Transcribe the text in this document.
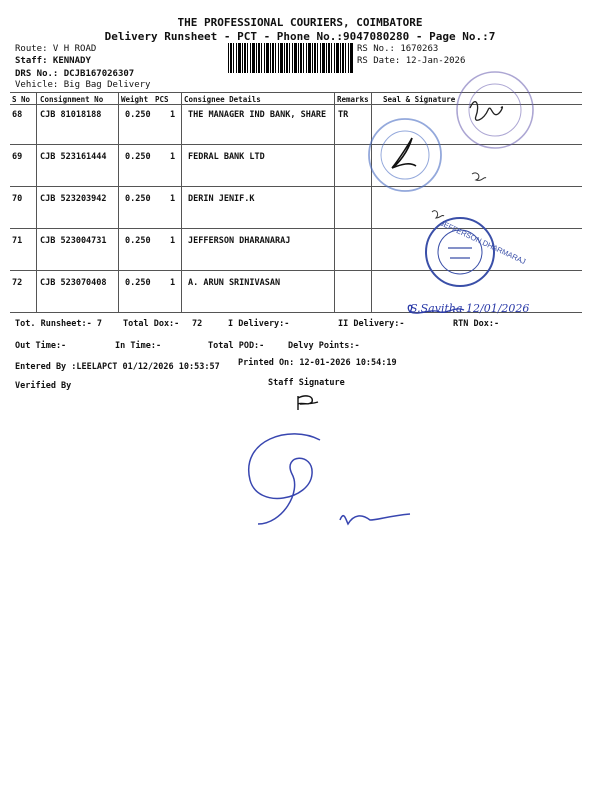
THE PROFESSIONAL COURIERS, COIMBATORE
Delivery Runsheet - PCT - Phone No.:9047080280 - Page No.:7
Route: V H ROAD
Staff: KENNADY
DRS No.: DCJB167026307
Vehicle: Big Bag Delivery
RS No.: 1670263
RS Date: 12-Jan-2026
S No Consignment No Weight PCS Consignee Details	Remarks Seal & Signature
68 CJB 81018188	0.250 1 THE MANAGER IND BANK, SHARE TR
69 CJB 523161444 0.250 1 FEDRAL BANK LTD
70 CJB 523203942 0.250 1 DERIN JENIF.K
71 CJB 523004731 0.250 1 JEFFERSON DHARANARAJ
72 CJB 523070408 0.250 1 A. ARUN SRINIVASAN
JEFFERSON DHARMARAJ
S.Savitha 12/01/2026
Tot. Runsheet:- 7 Total Dox:- 72	I Delivery:-	II Delivery:-	RTN Dox:-
Out Time:-	In Time:-	Total POD:-	Delvy Points:-
Entered By :LEELAPCT 01/12/2026 10:53:57 Printed On: 12-01-2026 10:54:19
Verified By	Staff Signature
